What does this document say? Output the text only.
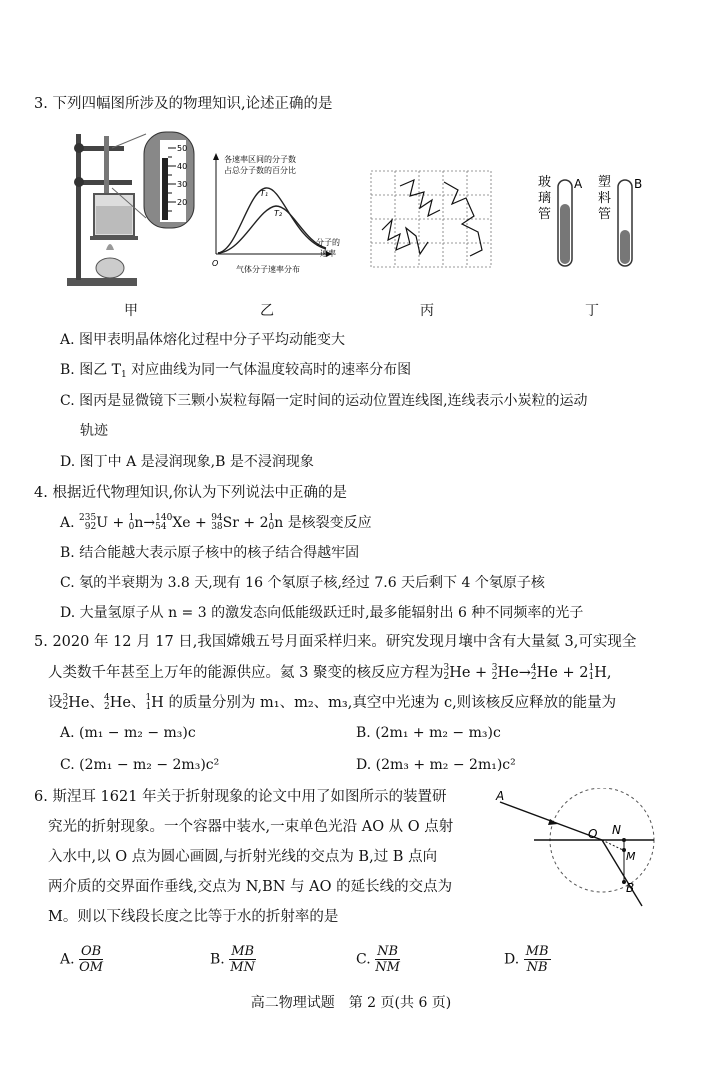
3. 下列四幅图所涉及的物理知识,论述正确的是
50
40
30
20
各速率区间的分子数
占总分子数的百分比
T₁
T₂
O
分子的
速率
气体分子速率分布
玻
璃
管
A 塑
料
管
B
甲	乙	丙	丁
A. 图甲表明晶体熔化过程中分子平均动能变大
B. 图乙 $T_1$ 对应曲线为同一气体温度较高时的速率分布图
C. 图丙是显微镜下三颗小炭粒每隔一定时间的运动位置连线图,连线表示小炭粒的运动
轨迹
D. 图丁中 A 是浸润现象,B 是不浸润现象
4. 根据近代物理知识,你认为下列说法中正确的是
A. 235
92U + 1
0n→140
54 Xe + 94
38Sr + 21
0n 是核裂变反应
B. 结合能越大表示原子核中的核子结合得越牢固
C. 氡的半衰期为 3.8 天,现有 16 个氡原子核,经过 7.6 天后剩下 4 个氡原子核
D. 大量氢原子从 n = 3 的激发态向低能级跃迁时,最多能辐射出 6 种不同频率的光子
5. 2020 年 12 月 17 日,我国嫦娥五号月面采样归来。研究发现月壤中含有大量氦 3,可实现全
人类数千年甚至上万年的能源供应。氦 3 聚变的核反应方程为3
2He + 3
2He→4
2He + 21
1H,
设3
2He、4
2He、1
1H 的质量分别为 m₁、m₂、m₃,真空中光速为 c,则该核反应释放的能量为
A. (m₁ − m₂ − m₃)c	B. (2m₁ + m₂ − m₃)c
C. (2m₁ − m₂ − 2m₃)c²	D. (2m₃ + m₂ − 2m₁)c²
6. 斯涅耳 1621 年关于折射现象的论文中用了如图所示的装置研
究光的折射现象。一个容器中装水,一束单色光沿 AO 从 O 点射
入水中,以 O 点为圆心画圆,与折射光线的交点为 B,过 B 点向
两介质的交界面作垂线,交点为 N,BN 与 AO 的延长线的交点为
M。则以下线段长度之比等于水的折射率的是
A
O N
M
B
A. $\frac{OB}{OM}$	B. $\frac{MB}{MN}$	C. $\frac{NB}{NM}$	D. $\frac{MB}{NB}$
高二物理试题　第 2 页(共 6 页)
